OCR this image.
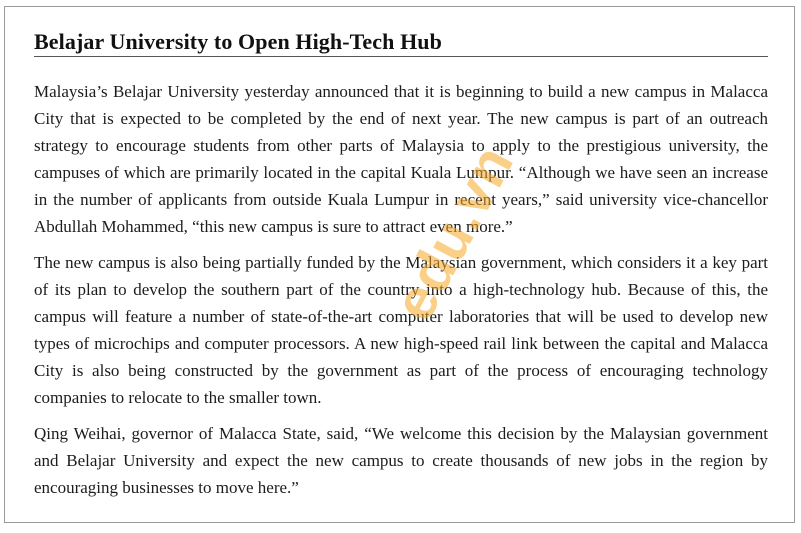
Belajar University to Open High-Tech Hub

Malaysia’s Belajar University yesterday announced that it is beginning to build a new campus in Malacca City that is expected to be completed by the end of next year. The new campus is part of an outreach strategy to encourage students from other parts of Malaysia to apply to the prestigious university, the campuses of which are primarily located in the capital Kuala Lumpur. “Although we have seen an increase in the number of applicants from outside Kuala Lumpur in recent years,” said university vice-chancellor Abdullah Mohammed, “this new campus is sure to attract even more.”

The new campus is also being partially funded by the Malaysian government, which considers it a key part of its plan to develop the southern part of the country into a high-technology hub. Because of this, the campus will feature a number of state-of-the-art computer laboratories that will be used to develop new types of microchips and computer processors. A new high-speed rail link between the capital and Malacca City is also being constructed by the government as part of the process of encouraging technology companies to relocate to the smaller town.

Qing Weihai, governor of Malacca State, said, “We welcome this decision by the Malaysian government and Belajar University and expect the new campus to create thousands of new jobs in the region by encouraging businesses to move here.”

edu.vn
